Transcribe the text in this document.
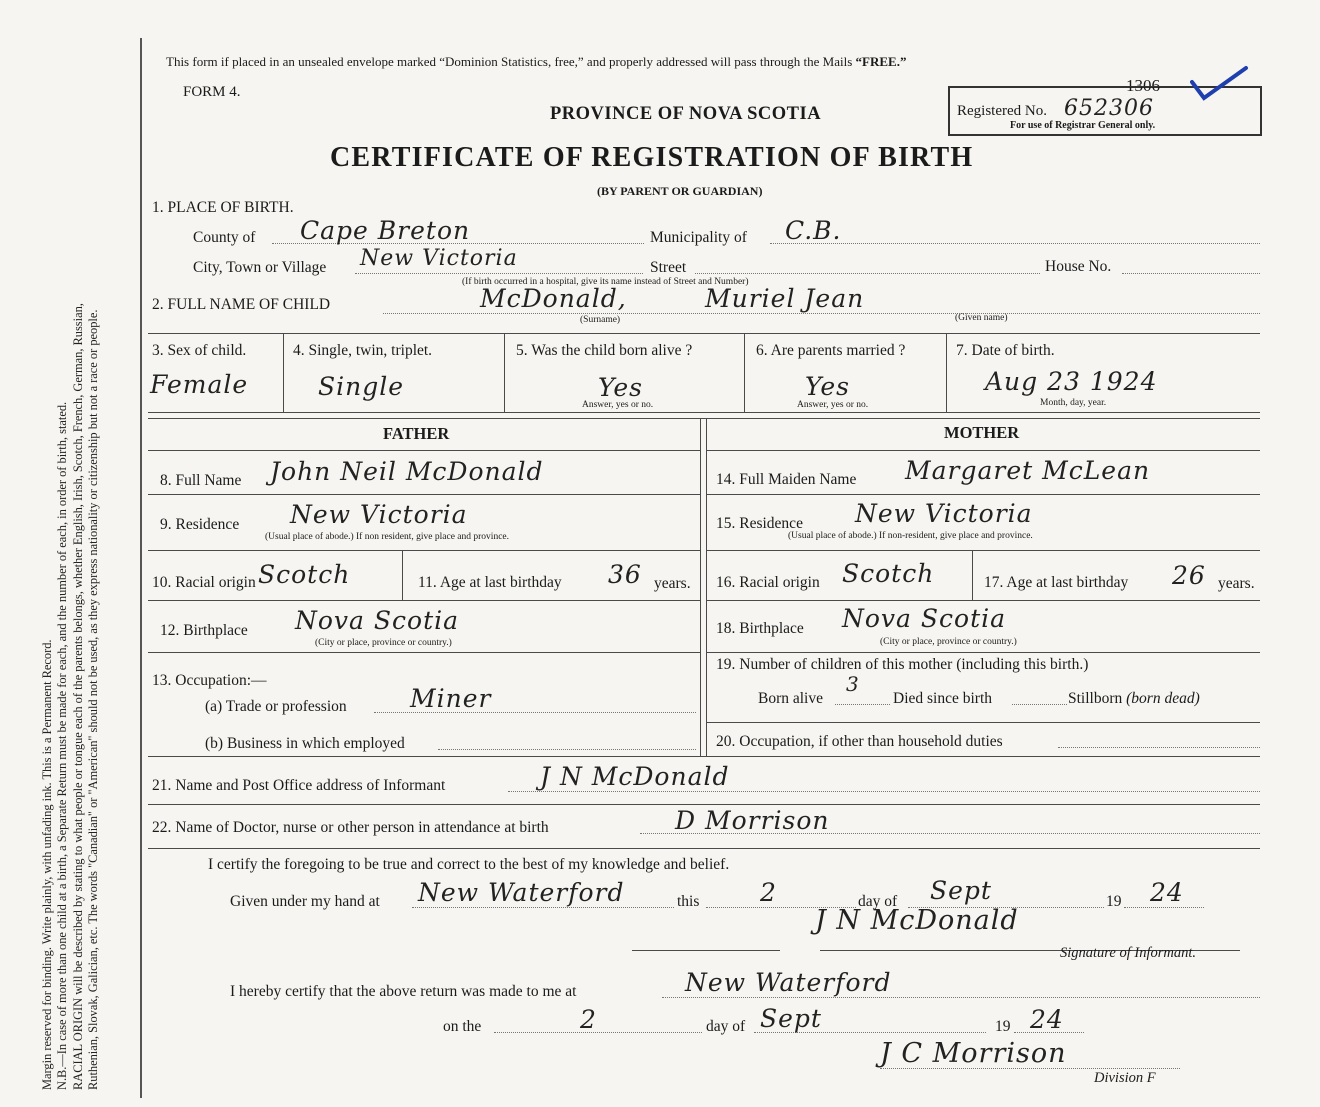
Margin reserved for binding. Write plainly, with unfading ink. This is a Permanent Record. N.B.—In case of more than one child at a birth, a Separate Return must be made for each, and the number of each, in order of birth, stated. RACIAL ORIGIN will be described by stating to what people or tongue each of the parents belongs, whether English, Irish, Scotch, French, German, Russian, Ruthenian, Slovak, Galician, etc. The words "Canadian" or "American" should not be used, as they express nationality or citizenship but not a race or people.
This form if placed in an unsealed envelope marked “Dominion Statistics, free,” and properly addressed will pass through the Mails “FREE.”
FORM 4.
PROVINCE OF NOVA SCOTIA
CERTIFICATE OF REGISTRATION OF BIRTH
(BY PARENT OR GUARDIAN)
Registered No. 652306
1306
For use of Registrar General only.
1. PLACE OF BIRTH.
County of Cape Breton	Municipality of C.B.
City, Town or Village New Victoria	Street	House No.
(If birth occurred in a hospital, give its name instead of Street and Number)
2. FULL NAME OF CHILD	McDonald,	Muriel Jean
(Surname)	(Given name)
3. Sex of child.
Female
4. Single, twin, triplet.
Single
5. Was the child born alive ?
Yes
Answer, yes or no.
6. Are parents married ?
Yes
Answer, yes or no.
7. Date of birth.
Aug 23 1924
Month, day, year.
FATHER	MOTHER
8. Full Name John Neil McDonald	14. Full Maiden Name Margaret McLean
9. Residence New Victoria
(Usual place of abode.) If non resident, give place and province.
15. Residence New Victoria
(Usual place of abode.) If non-resident, give place and province.
10. Racial origin Scotch	11. Age at last birthday 36 years. 16. Racial origin Scotch	17. Age at last birthday 26 years.
12. Birthplace Nova Scotia
(City or place, province or country.)
18. Birthplace Nova Scotia
(City or place, province or country.)
13. Occupation:—
(a) Trade or profession	Miner
(b) Business in which employed
19. Number of children of this mother (including this birth.)
Born alive
3
Died since birth	Stillborn (born dead)
20. Occupation, if other than household duties
21. Name and Post Office address of Informant	J N McDonald
22. Name of Doctor, nurse or other person in attendance at birth	D Morrison
I certify the foregoing to be true and correct to the best of my knowledge and belief.
Given under my hand at New Waterford	this 2	day of Sept	19 24
J N McDonald
Signature of Informant.
I hereby certify that the above return was made to me at	New Waterford
on the	2	day of Sept	19 24
J C Morrison
Division F
